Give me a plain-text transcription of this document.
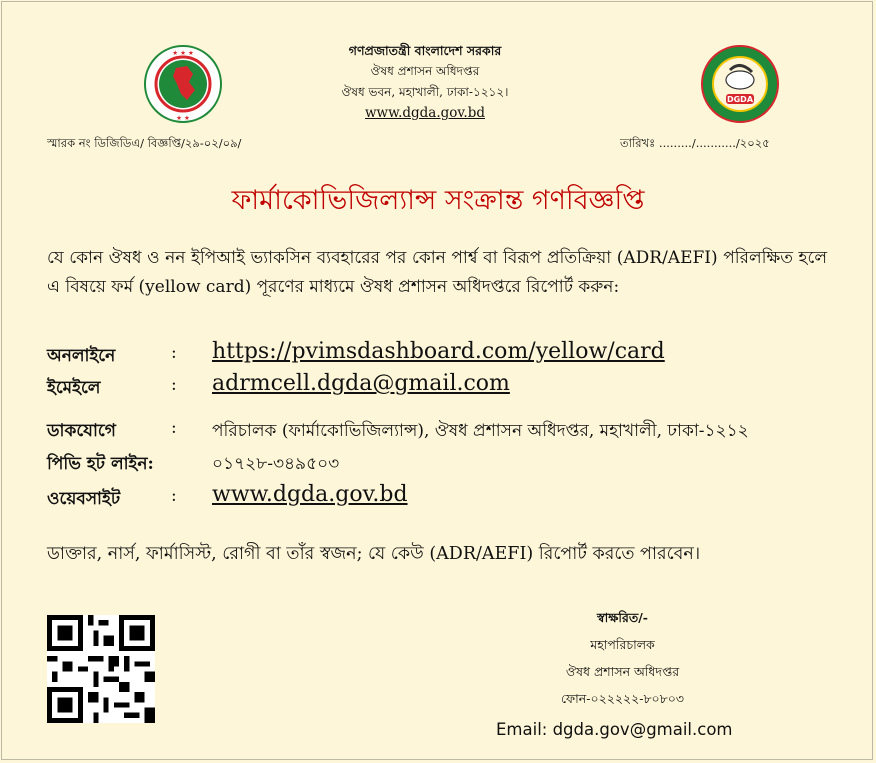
★ ★ ★
★ ★
DGDA
গণপ্রজাতন্ত্রী বাংলাদেশ সরকার
ঔষধ প্রশাসন অধিদপ্তর
ঔষধ ভবন, মহাখালী, ঢাকা-১২১২।
www.dgda.gov.bd
স্মারক নং ডিজিডিএ/ বিজ্ঞপ্তি/২৯-০২/০৯/	তারিখঃ ........./.........../২০২৫
ফার্মাকোভিজিল্যান্স সংক্রান্ত গণবিজ্ঞপ্তি
যে কোন ঔষধ ও নন ইপিআই ভ্যাকসিন ব্যবহারের পর কোন পার্শ্ব বা বিরূপ প্রতিক্রিয়া (ADR/AEFI) পরিলক্ষিত হলে এ বিষয়ে ফর্ম (yellow card) পূরণের মাধ্যমে ঔষধ প্রশাসন অধিদপ্তরে রিপোর্ট করুন:
অনলাইনে	: https://pvimsdashboard.com/yellow/card
ইমেইলে	: adrmcell.dgda@gmail.com
ডাকযোগে	: পরিচালক (ফার্মাকোভিজিল্যান্স), ঔষধ প্রশাসন অধিদপ্তর, মহাখালী, ঢাকা-১২১২
পিভি হট লাইন:	০১৭২৮-৩৪৯৫০৩
ওয়েবসাইট	: www.dgda.gov.bd
ডাক্তার, নার্স, ফার্মাসিস্ট, রোগী বা তাঁর স্বজন; যে কেউ (ADR/AEFI) রিপোর্ট করতে পারবেন।
স্বাক্ষরিত/-
মহাপরিচালক
ঔষধ প্রশাসন অধিদপ্তর
ফোন-০২২২২২-৮০৮০৩
Email: dgda.gov@gmail.com
